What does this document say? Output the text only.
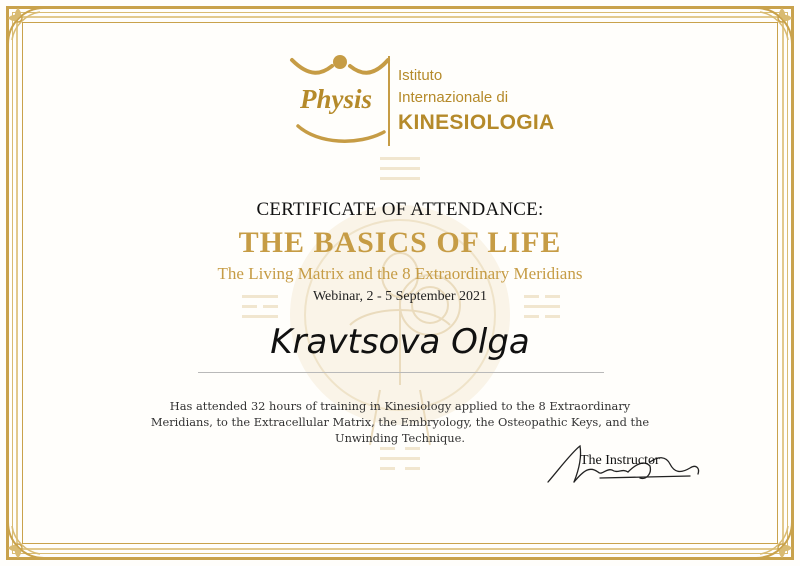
Physis
Istituto
Internazionale di
KINESIOLOGIA
CERTIFICATE OF ATTENDANCE:
THE BASICS OF LIFE
The Living Matrix and the 8 Extraordinary Meridians
Webinar, 2 - 5 September 2021
Kravtsova Olga
Has attended 32 hours of training in Kinesiology applied to the 8 Extraordinary Meridians, to the Extracellular Matrix, the Embryology, the Osteopathic Keys, and the Unwinding Technique.
The Instructor
